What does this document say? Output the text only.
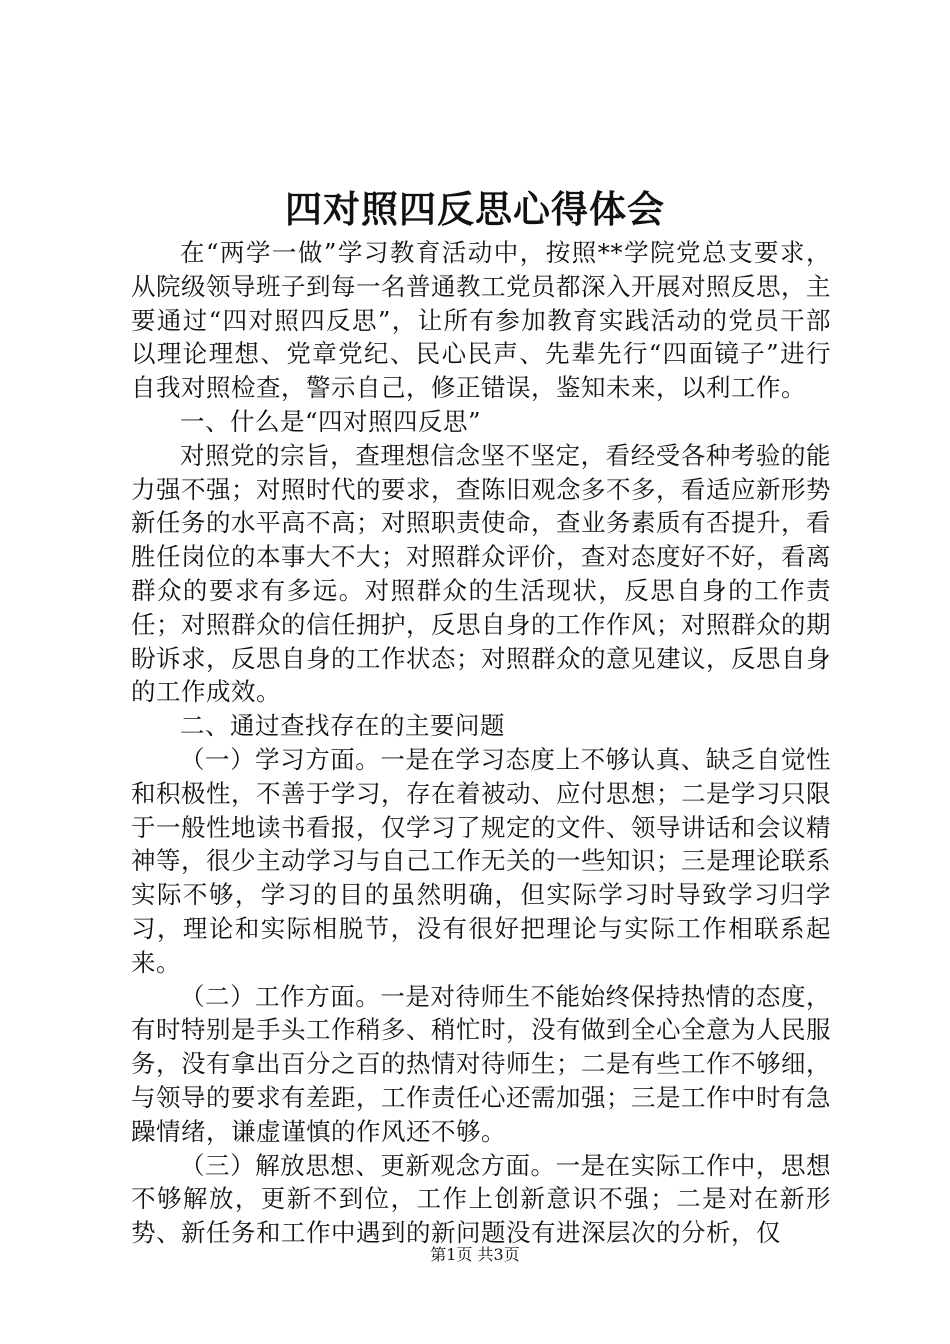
四对照四反思心得体会

在“两学一做”学习教育活动中，按照**学院党总支要求，从院级领导班子到每一名普通教工党员都深入开展对照反思，主要通过“四对照四反思”，让所有参加教育实践活动的党员干部以理论理想、党章党纪、民心民声、先辈先行“四面镜子”进行自我对照检查，警示自己，修正错误，鉴知未来，以利工作。

一、什么是“四对照四反思”

对照党的宗旨，查理想信念坚不坚定，看经受各种考验的能力强不强；对照时代的要求，查陈旧观念多不多，看适应新形势新任务的水平高不高；对照职责使命，查业务素质有否提升，看胜任岗位的本事大不大；对照群众评价，查对态度好不好，看离群众的要求有多远。对照群众的生活现状，反思自身的工作责任；对照群众的信任拥护，反思自身的工作作风；对照群众的期盼诉求，反思自身的工作状态；对照群众的意见建议，反思自身的工作成效。

二、通过查找存在的主要问题

（一）学习方面。一是在学习态度上不够认真、缺乏自觉性和积极性，不善于学习，存在着被动、应付思想；二是学习只限于一般性地读书看报，仅学习了规定的文件、领导讲话和会议精神等，很少主动学习与自己工作无关的一些知识；三是理论联系实际不够，学习的目的虽然明确，但实际学习时导致学习归学习，理论和实际相脱节，没有很好把理论与实际工作相联系起来。

（二）工作方面。一是对待师生不能始终保持热情的态度，有时特别是手头工作稍多、稍忙时，没有做到全心全意为人民服务，没有拿出百分之百的热情对待师生；二是有些工作不够细，与领导的要求有差距，工作责任心还需加强；三是工作中时有急躁情绪，谦虚谨慎的作风还不够。

（三）解放思想、更新观念方面。一是在实际工作中，思想不够解放，更新不到位，工作上创新意识不强；二是对在新形势、新任务和工作中遇到的新问题没有进深层次的分析，仅

第1页 共3页
